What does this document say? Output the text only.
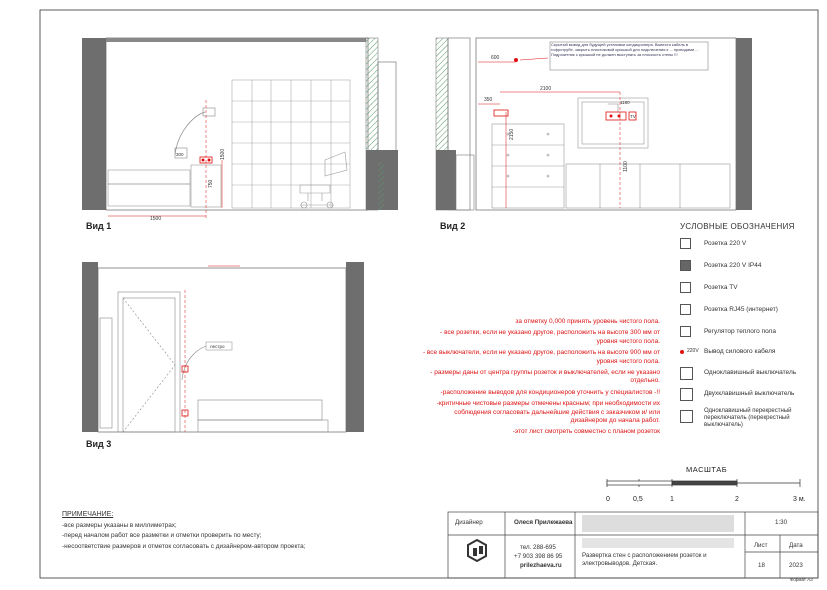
1500
1500
750
300
600
350
2100
2150
1100
1180
TV
Скрытый вывод для будущей установки кондиционера. Вывести кабель в гофротрубе, закрыть пластиковой крышкой для подключения к ... проводами ... Подрозетник с крышкой не должен выступать за плоскость стены !!!
лестро
Вид 1	Вид 2
Вид 3

за отметку 0,000 принять уровень чистого пола.

- все розетки, если не указано другое, расположить на высоте 300 мм от уровня чистого пола.

- все выключатели, если не указано другое, расположить на высоте 900 мм от уровня чистого пола.

- размеры даны от центра группы розеток и выключателей, если не указано отдельно.

-расположение выводов для кондиционеров уточнить у специалистов -!!

-критичные чистовые размеры отмечены красным; при необходимости их соблюдения согласовать дальнейшие действия с заказчиком и/ или дизайнером до начала работ.

-этот лист смотреть совместно с планом розеток

УСЛОВНЫЕ ОБОЗНАЧЕНИЯ
Розетка 220 V
Розетка 220 V IP44
Розетка TV
Розетка RJ45 (интернет)
Регулятор теплого пола
220V Вывод силового кабеля
Одноклавишный выключатель
Двухклавишный выключатель
Одноклавишный перекрестный переключатель (перекрестный выключатель)
МАСШТАБ
0	0,5	1	2	3 м.
ПРИМЕЧАНИЕ:
-все размеры указаны в миллиметрах;
-перед началом работ все разметки и отметки проверить по месту;
-несоответствие размеров и отметок согласовать с дизайнером-автором проекта;
Дизайнер	Олеся Прилежаева	1:30
тел. 288-695
+7 903 398 86 95
prilezhaeva.ru
Развертка стен с расположением розеток и электровыводов. Детская.
Лист	Дата
18	2023
Формат А3
